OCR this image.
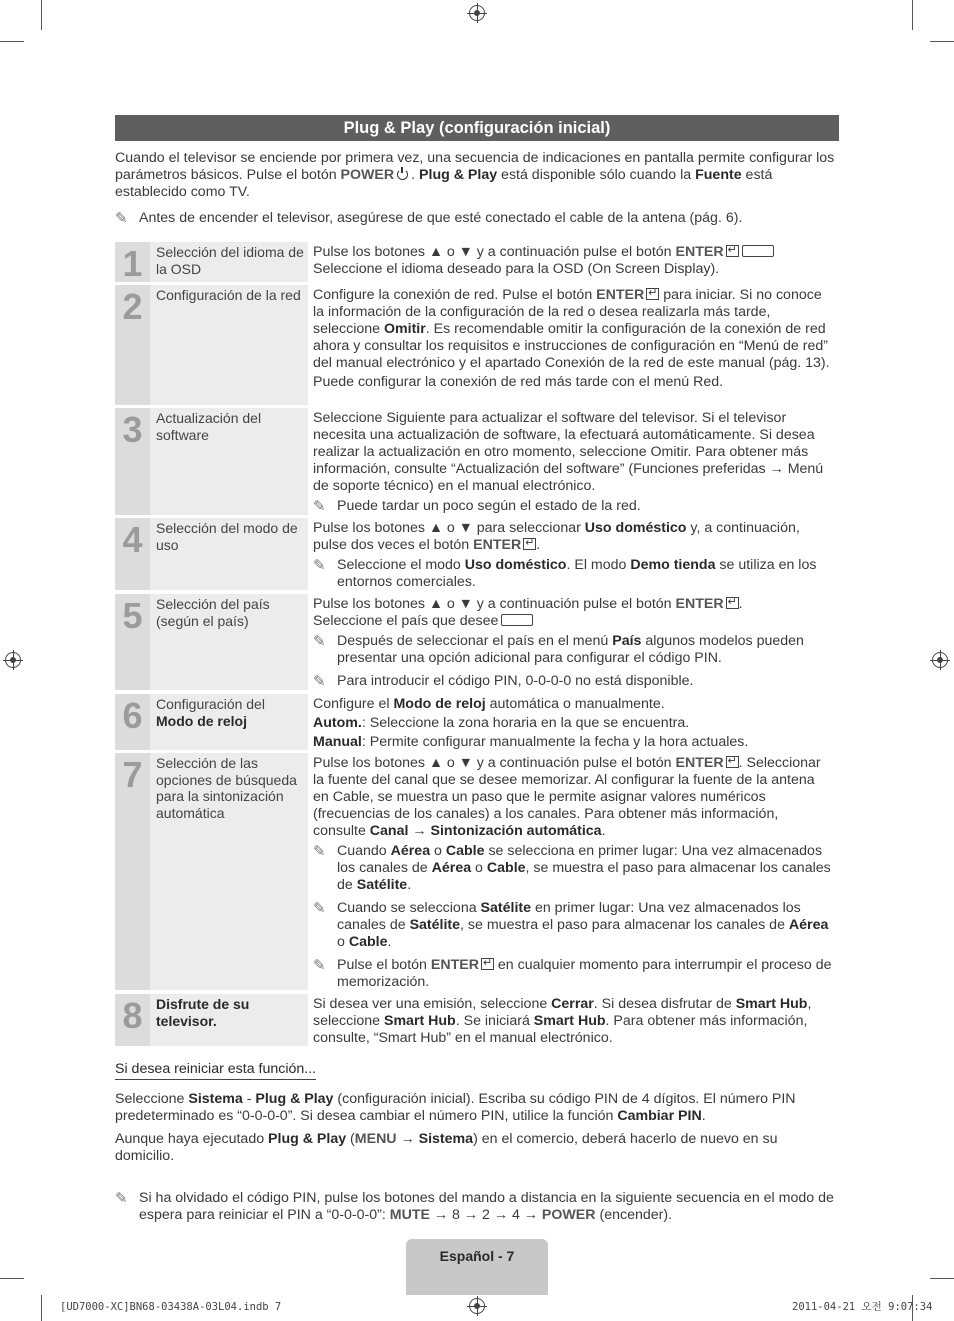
Plug & Play (configuración inicial)
Cuando el televisor se enciende por primera vez, una secuencia de indicaciones en pantalla permite configurar los parámetros básicos. Pulse el botón POWER . Plug & Play está disponible sólo cuando la Fuente está establecido como TV.
✎ Antes de encender el televisor, asegúrese de que esté conectado el cable de la antena (pág. 6).
1 Selección del idioma de la OSD
Pulse los botones ▲ o ▼ y a continuación pulse el botón ENTER↵
Seleccione el idioma deseado para la OSD (On Screen Display).
2 Configuración de la red Configure la conexión de red. Pulse el botón ENTER↵ para iniciar. Si no conoce la información de la configuración de la red o desea realizarla más tarde, seleccione Omitir. Es recomendable omitir la configuración de la conexión de red ahora y consultar los requisitos e instrucciones de configuración en “Menú de red” del manual electrónico y el apartado Conexión de la red de este manual (pág. 13).
Puede configurar la conexión de red más tarde con el menú Red.
3 Actualización del software
Seleccione Siguiente para actualizar el software del televisor. Si el televisor necesita una actualización de software, la efectuará automáticamente. Si desea realizar la actualización en otro momento, seleccione Omitir. Para obtener más información, consulte “Actualización del software” (Funciones preferidas → Menú de soporte técnico) en el manual electrónico.
✎ Puede tardar un poco según el estado de la red.
4 Selección del modo de uso
Pulse los botones ▲ o ▼ para seleccionar Uso doméstico y, a continuación, pulse dos veces el botón ENTER ↵ .
✎ Seleccione el modo Uso doméstico. El modo Demo tienda se utiliza en los entornos comerciales.
5 Selección del país (según el país)
Pulse los botones ▲ o ▼ y a continuación pulse el botón ENTER ↵ .
Seleccione el país que desee
✎ Después de seleccionar el país en el menú País algunos modelos pueden presentar una opción adicional para configurar el código PIN.
✎ Para introducir el código PIN, 0-0-0-0 no está disponible.
6 Configuración del
Modo de reloj
Configure el Modo de reloj automática o manualmente.
Autom.: Seleccione la zona horaria en la que se encuentra.
Manual: Permite configurar manualmente la fecha y la hora actuales.
7 Selección de las opciones de búsqueda para la sintonización automática
Pulse los botones ▲ o ▼ y a continuación pulse el botón ENTER ↵ . Seleccionar la fuente del canal que se desee memorizar. Al configurar la fuente de la antena en Cable, se muestra un paso que le permite asignar valores numéricos (frecuencias de los canales) a los canales. Para obtener más información, consulte Canal → Sintonización automática.
✎ Cuando Aérea o Cable se selecciona en primer lugar: Una vez almacenados los canales de Aérea o Cable, se muestra el paso para almacenar los canales de Satélite.
✎ Cuando se selecciona Satélite en primer lugar: Una vez almacenados los canales de Satélite, se muestra el paso para almacenar los canales de Aérea o Cable.
✎ Pulse el botón ENTER↵ en cualquier momento para interrumpir el proceso de memorización.
8 Disfrute de su televisor.
Si desea ver una emisión, seleccione Cerrar. Si desea disfrutar de Smart Hub, seleccione Smart Hub. Se iniciará Smart Hub. Para obtener más información, consulte, “Smart Hub” en el manual electrónico.
Si desea reiniciar esta función...
Seleccione Sistema - Plug & Play (configuración inicial). Escriba su código PIN de 4 dígitos. El número PIN predeterminado es “0-0-0-0”. Si desea cambiar el número PIN, utilice la función Cambiar PIN.
Aunque haya ejecutado Plug & Play (MENU → Sistema) en el comercio, deberá hacerlo de nuevo en su domicilio.
✎ Si ha olvidado el código PIN, pulse los botones del mando a distancia en la siguiente secuencia en el modo de espera para reiniciar el PIN a “0-0-0-0”: MUTE → 8 → 2 → 4 → POWER (encender).
Español - 7
[UD7000-XC]BN68-03438A-03L04.indb 7	2011-04-21 오전 9:07:34
